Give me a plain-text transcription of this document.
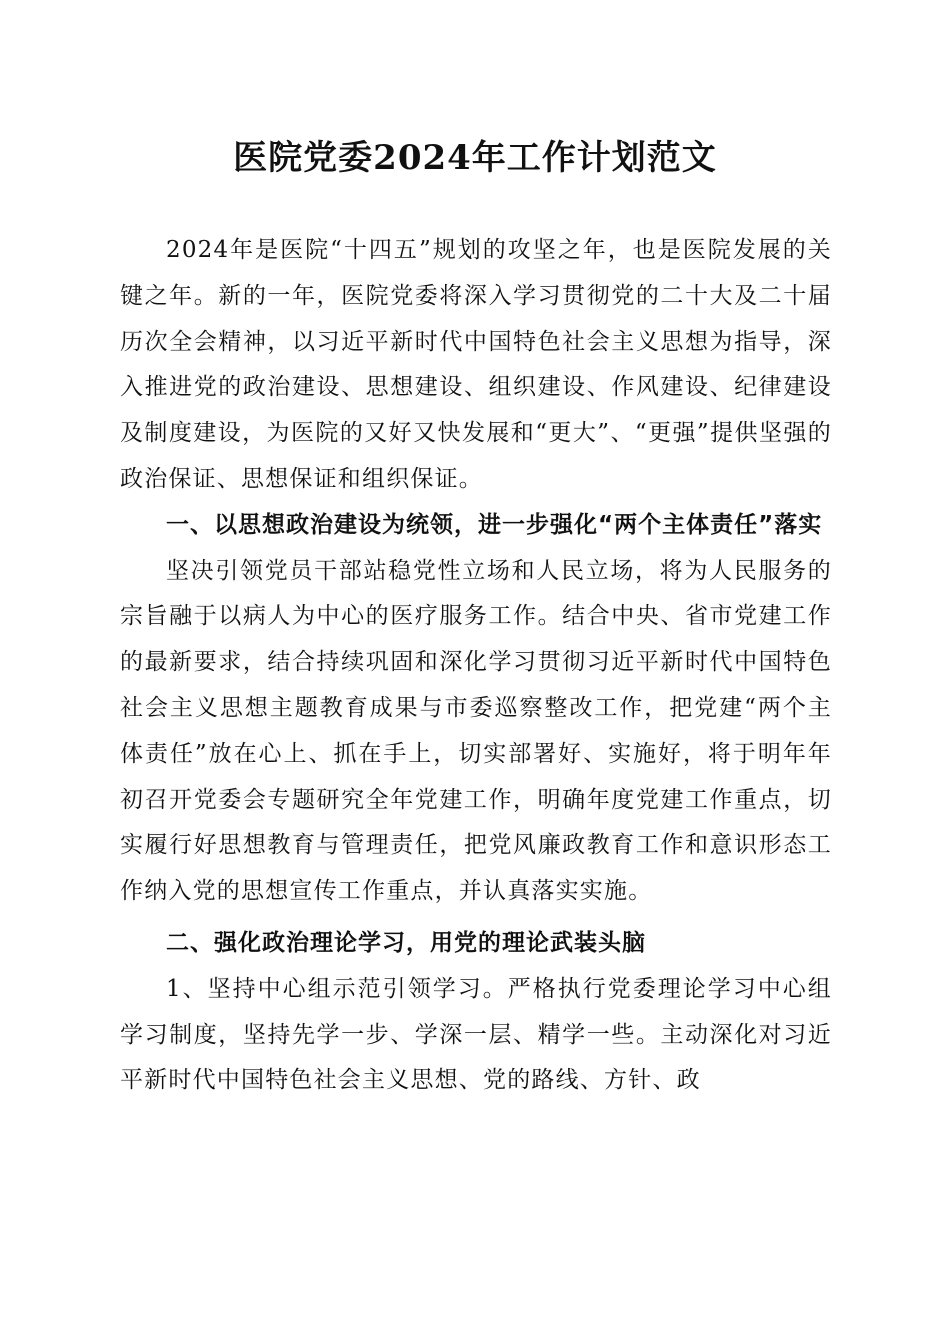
医院党委2024年工作计划范文

2024年是医院“十四五”规划的攻坚之年，也是医院发展的关键之年。新的一年，医院党委将深入学习贯彻党的二十大及二十届历次全会精神，以习近平新时代中国特色社会主义思想为指导，深入推进党的政治建设、思想建设、组织建设、作风建设、纪律建设及制度建设，为医院的又好又快发展和“更大”、“更强”提供坚强的政治保证、思想保证和组织保证。

一、以思想政治建设为统领，进一步强化“两个主体责任”落实

坚决引领党员干部站稳党性立场和人民立场，将为人民服务的宗旨融于以病人为中心的医疗服务工作。结合中央、省市党建工作的最新要求，结合持续巩固和深化学习贯彻习近平新时代中国特色社会主义思想主题教育成果与市委巡察整改工作，把党建“两个主体责任”放在心上、抓在手上，切实部署好、实施好，将于明年年初召开党委会专题研究全年党建工作，明确年度党建工作重点，切实履行好思想教育与管理责任，把党风廉政教育工作和意识形态工作纳入党的思想宣传工作重点，并认真落实实施。

二、强化政治理论学习，用党的理论武装头脑

1、坚持中心组示范引领学习。严格执行党委理论学习中心组学习制度，坚持先学一步、学深一层、精学一些。主动深化对习近平新时代中国特色社会主义思想、党的路线、方针、政
